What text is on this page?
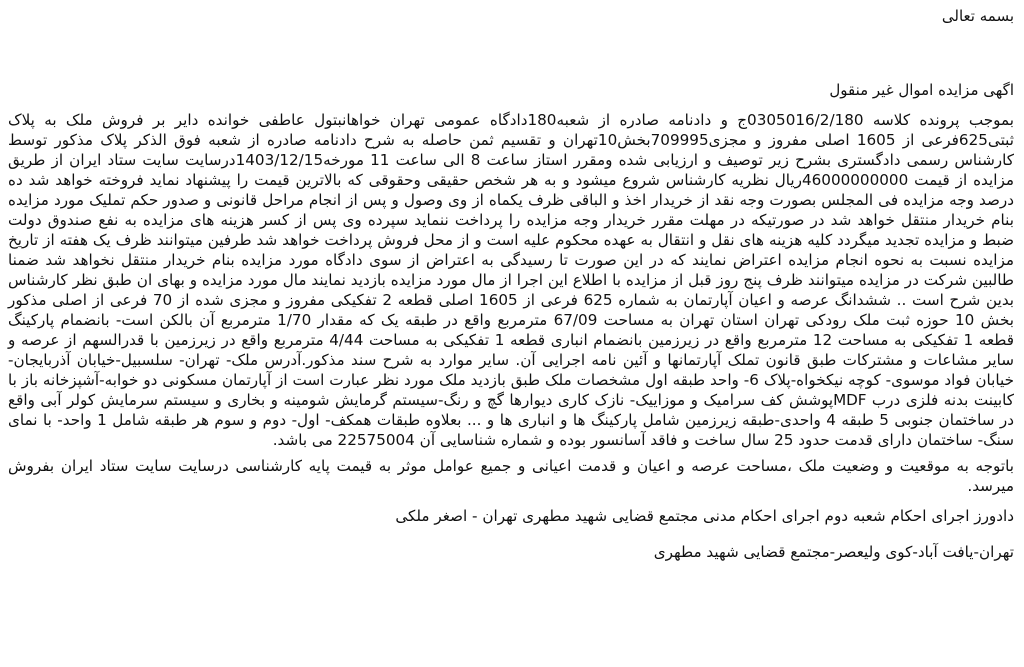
بسمه تعالی

اگهی مزایده اموال غیر منقول

بموجب پرونده کلاسه 0305016/2/180ج و دادنامه صادره از شعبه180دادگاه عمومی تهران خواهانبتول عاطفی خوانده دایر بر فروش ملک به پلاک ثبتی625فرعی از 1605 اصلی مفروز و مجزی709995بخش10تهران و تقسیم ثمن حاصله به شرح دادنامه صادره از شعبه فوق الذکر پلاک مذکور توسط کارشناس رسمی دادگستری بشرح زیر توصیف و ارزیابی شده ومقرر استاز ساعت 8 الی ساعت 11 مورخه1403/12/15درسایت سایت ستاد ایران از طریق مزایده از قیمت 46000000000ریال نظریه کارشناس شروع میشود و به هر شخص حقیقی وحقوقی که بالاترین قیمت را پیشنهاد نماید فروخته خواهد شد ده درصد وجه مزایده فی المجلس بصورت وجه نقد از خریدار اخذ و الباقی ظرف یکماه از وی وصول و پس از انجام مراحل قانونی و صدور حکم تملیک مورد مزایده بنام خریدار منتقل خواهد شد در صورتیکه در مهلت مقرر خریدار وجه مزایده را پرداخت ننماید سپرده وی پس از کسر هزینه های مزایده به نفع صندوق دولت ضبط و مزایده تجدید میگردد کلیه هزینه های نقل و انتقال به عهده محکوم علیه است و از محل فروش پرداخت خواهد شد طرفین میتوانند ظرف یک هفته از تاریخ مزایده نسبت به نحوه انجام مزایده اعتراض نمایند که در این صورت تا رسیدگی به اعتراض از سوی دادگاه مورد مزایده بنام خریدار منتقل نخواهد شد ضمنا طالبین شرکت در مزایده میتوانند ظرف پنج روز قبل از مزایده با اطلاع این اجرا از مال مورد مزایده بازدید نمایند مال مورد مزایده و بهای ان طبق نظر کارشناس بدین شرح است .. ششدانگ عرصه و اعیان آپارتمان به شماره 625 فرعی از 1605 اصلی قطعه 2 تفکیکی مفروز و مجزی شده از 70 فرعی از اصلی مذکور بخش 10 حوزه ثبت ملک رودکی تهران استان تهران به مساحت 67/09 مترمربع واقع در طبقه یک که مقدار 1/70 مترمربع آن بالکن است- بانضمام پارکینگ قطعه 1 تفکیکی به مساحت 12 مترمربع واقع در زیرزمین بانضمام انباری قطعه 1 تفکیکی به مساحت 4/44 مترمربع واقع در زیرزمین با قدرالسهم از عرصه و سایر مشاعات و مشترکات طبق قانون تملک آپارتمانها و آئین نامه اجرایی آن. سایر موارد به شرح سند مذکور.آدرس ملک- تهران- سلسبیل-خیابان آذربایجان-خیابان فواد موسوی- کوچه نیکخواه-پلاک 6- واحد طبقه اول مشخصات ملک طبق بازدید ملک مورد نظر عبارت است از آپارتمان مسکونی دو خوابه-آشپزخانه باز با کابینت بدنه فلزی درب MDFپوشش کف سرامیک و موزاییک- نازک کاری دیوارها گچ و رنگ-سیستم گرمایش شومینه و بخاری و سیستم سرمایش کولر آبی واقع در ساختمان جنوبی 5 طبقه 4 واحدی-طبقه زیرزمین شامل پارکینگ ها و انباری ها و ... بعلاوه طبقات همکف- اول- دوم و سوم هر طبقه شامل 1 واحد- با نمای سنگ- ساختمان دارای قدمت حدود 25 سال ساخت و فاقد آسانسور بوده و شماره شناسایی آن 22575004 می باشد.

باتوجه به موقعیت و وضعیت ملک ،مساحت عرصه و اعیان و قدمت اعیانی و جمیع عوامل موثر به قیمت پایه کارشناسی درسایت سایت ستاد ایران بفروش میرسد.

دادورز اجرای احکام شعبه دوم اجرای احکام مدنی مجتمع قضایی شهید مطهری تهران - اصغر ملکی

تهران-یافت آباد-کوی ولیعصر-مجتمع قضایی شهید مطهری
